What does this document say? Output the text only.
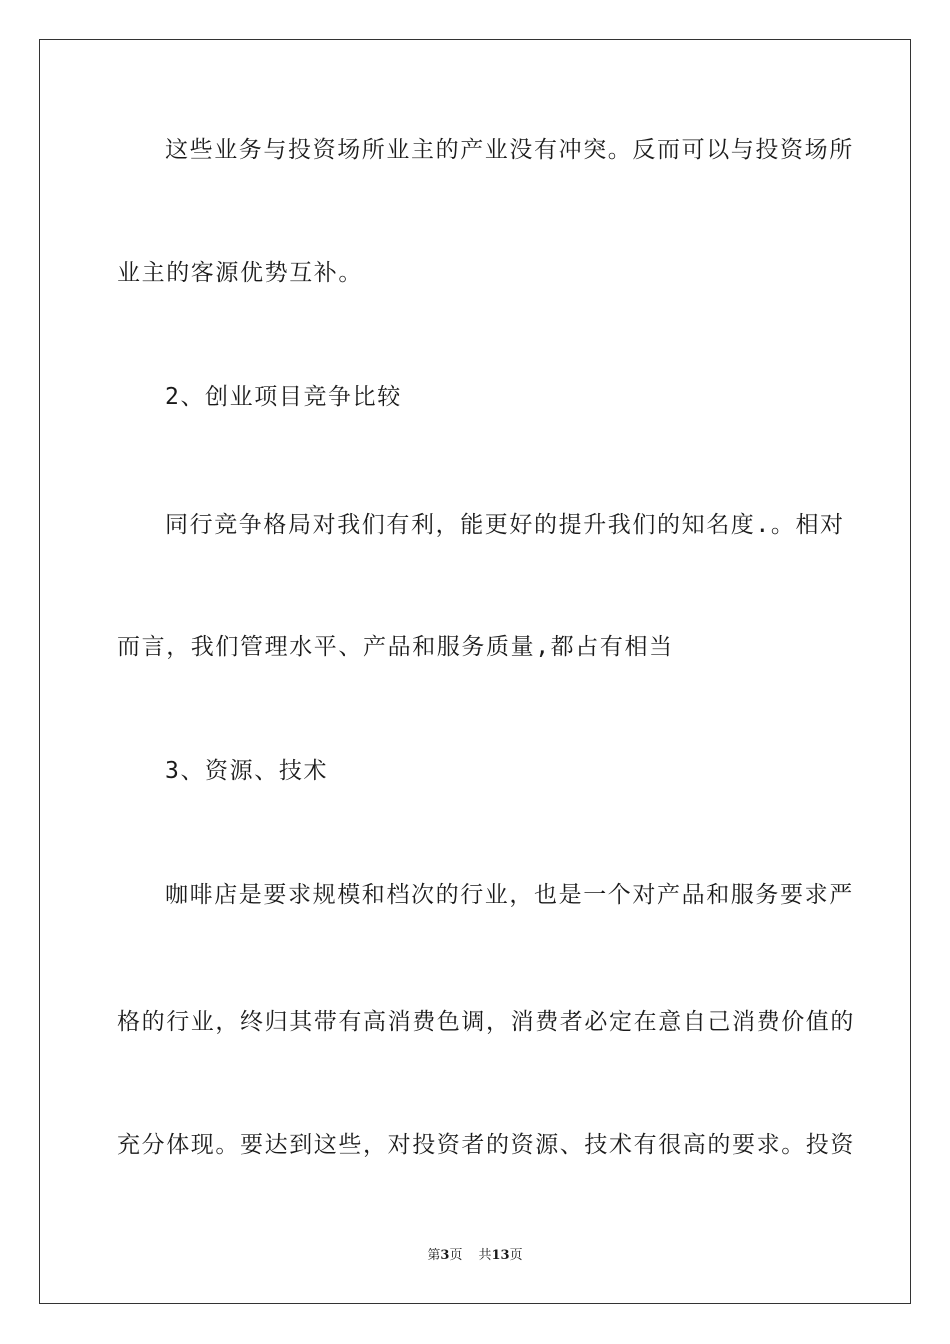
这些业务与投资场所业主的产业没有冲突。反而可以与投资场所
业主的客源优势互补。
2、创业项目竞争比较
同行竞争格局对我们有利，能更好的提升我们的知名度.。相对
而言，我们管理水平、产品和服务质量,都占有相当
3、资源、技术
咖啡店是要求规模和档次的行业，也是一个对产品和服务要求严
格的行业，终归其带有高消费色调，消费者必定在意自己消费价值的
充分体现。要达到这些，对投资者的资源、技术有很高的要求。投资
第3页 共13页
